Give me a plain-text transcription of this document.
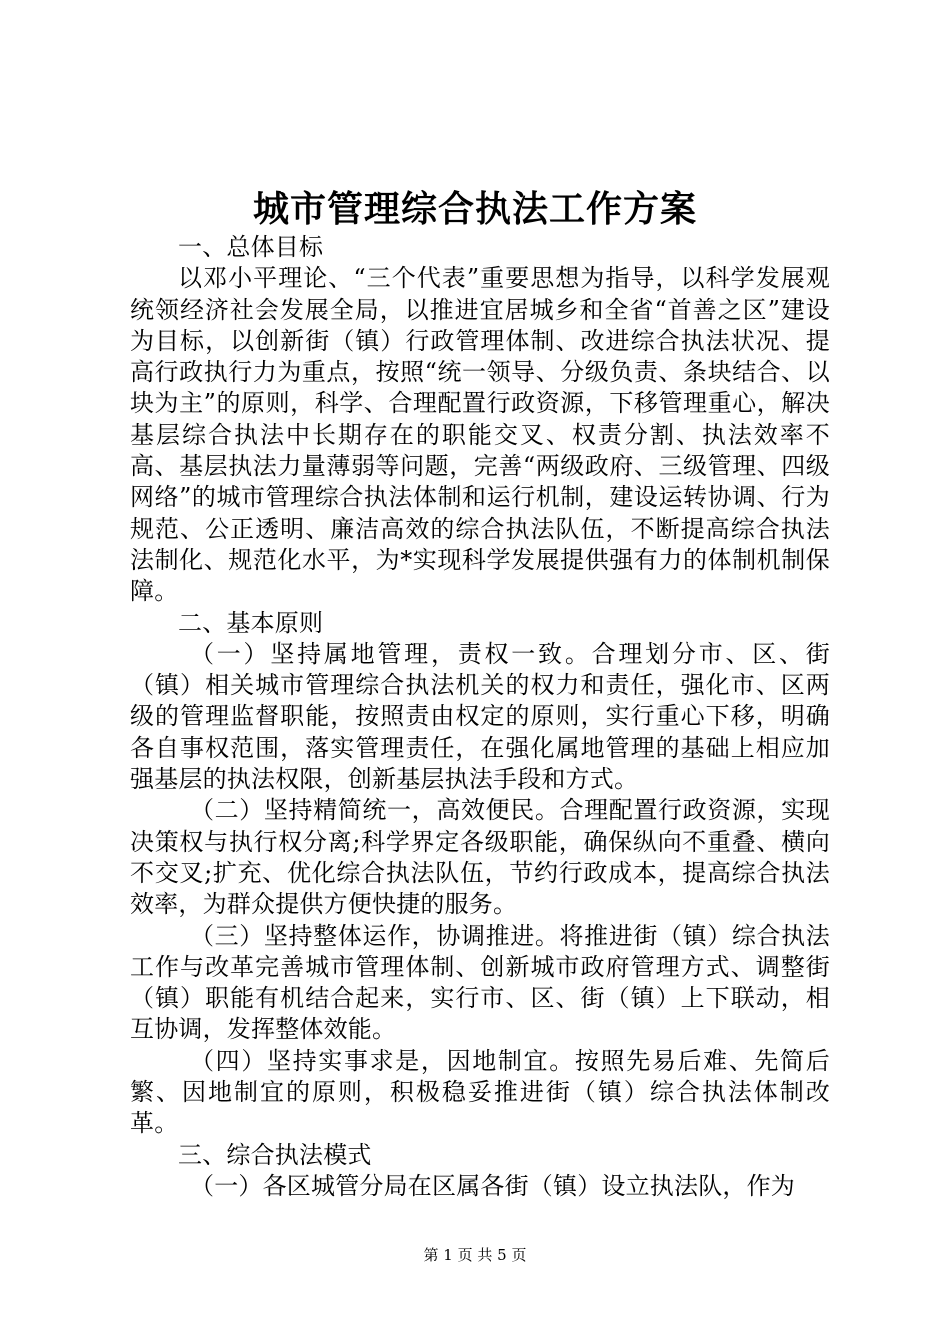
城市管理综合执法工作方案

一、总体目标

以邓小平理论、“三个代表”重要思想为指导，以科学发展观统领经济社会发展全局，以推进宜居城乡和全省“首善之区”建设为目标，以创新街（镇）行政管理体制、改进综合执法状况、提高行政执行力为重点，按照“统一领导、分级负责、条块结合、以块为主”的原则，科学、合理配置行政资源，下移管理重心，解决基层综合执法中长期存在的职能交叉、权责分割、执法效率不高、基层执法力量薄弱等问题，完善“两级政府、三级管理、四级网络”的城市管理综合执法体制和运行机制，建设运转协调、行为规范、公正透明、廉洁高效的综合执法队伍，不断提高综合执法法制化、规范化水平，为*实现科学发展提供强有力的体制机制保障。

二、基本原则

（一）坚持属地管理，责权一致。合理划分市、区、街（镇）相关城市管理综合执法机关的权力和责任，强化市、区两级的管理监督职能，按照责由权定的原则，实行重心下移，明确各自事权范围，落实管理责任，在强化属地管理的基础上相应加强基层的执法权限，创新基层执法手段和方式。

（二）坚持精简统一，高效便民。合理配置行政资源，实现决策权与执行权分离;科学界定各级职能，确保纵向不重叠、横向不交叉;扩充、优化综合执法队伍，节约行政成本，提高综合执法效率，为群众提供方便快捷的服务。

（三）坚持整体运作，协调推进。将推进街（镇）综合执法工作与改革完善城市管理体制、创新城市政府管理方式、调整街（镇）职能有机结合起来，实行市、区、街（镇）上下联动，相互协调，发挥整体效能。

（四）坚持实事求是，因地制宜。按照先易后难、先简后繁、因地制宜的原则，积极稳妥推进街（镇）综合执法体制改革。

三、综合执法模式

（一）各区城管分局在区属各街（镇）设立执法队，作为

第 1 页 共 5 页
